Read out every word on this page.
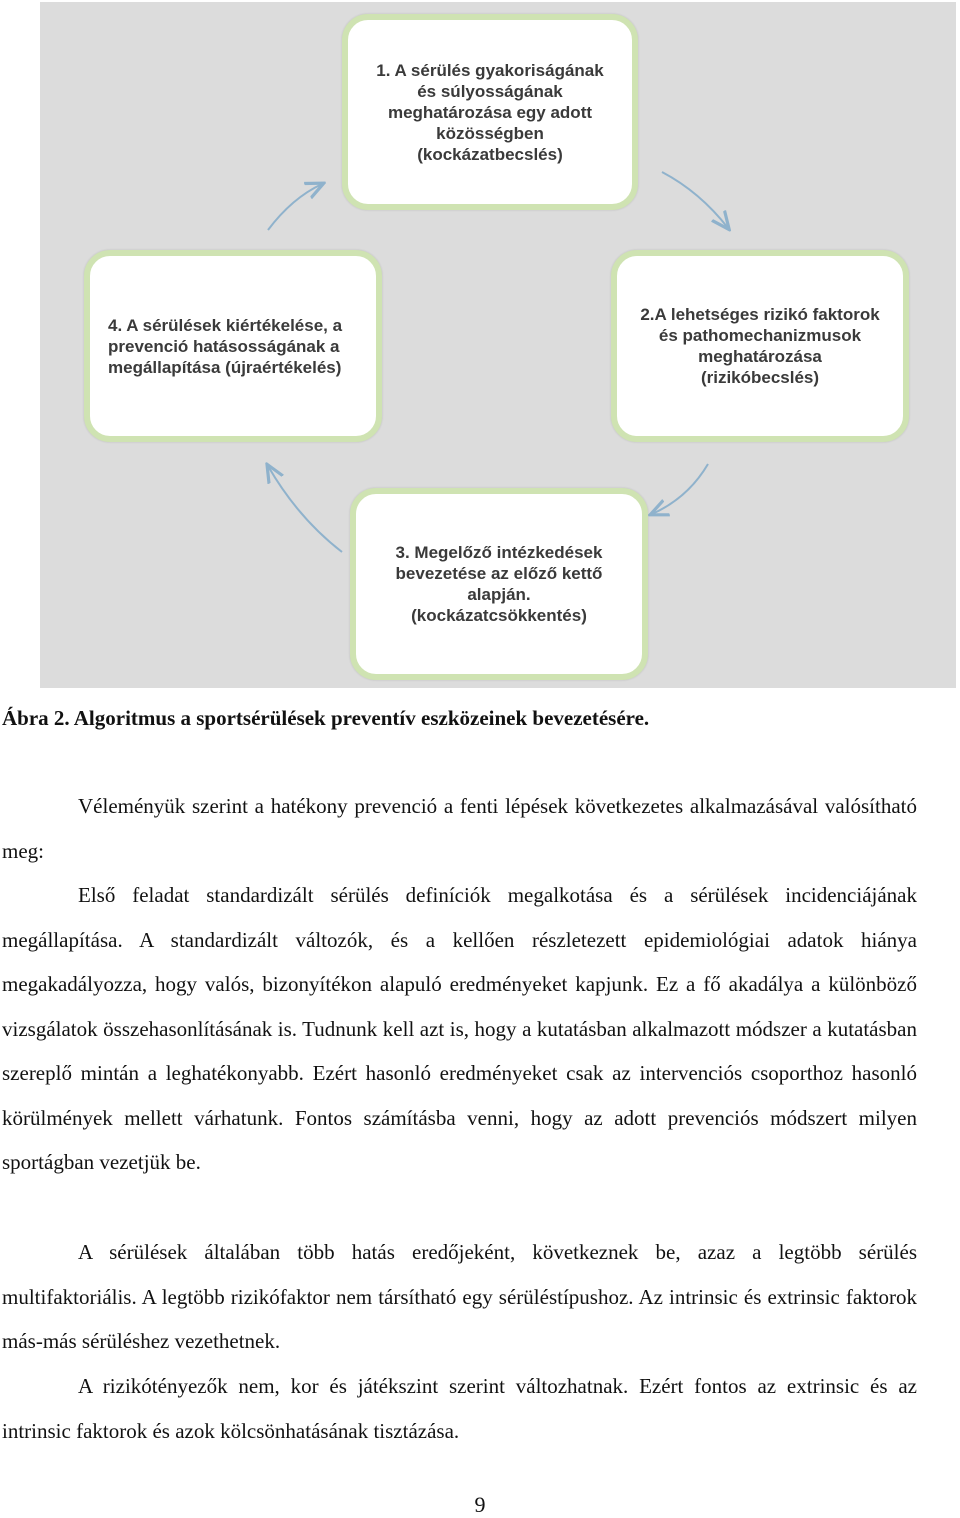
1. A sérülés gyakoriságának
és súlyosságának
meghatározása egy adott
közösségben
(kockázatbecslés)
2.A lehetséges rizikó faktorok
és pathomechanizmusok
meghatározása
(rizikóbecslés)
3. Megelőző intézkedések
bevezetése az előző kettő
alapján.
(kockázatcsökkentés)
4. A sérülések kiértékelése, a
prevenció hatásosságának a
megállapítása (újraértékelés)
Ábra 2. Algoritmus a sportsérülések preventív eszközeinek bevezetésére.

Véleményük szerint a hatékony prevenció a fenti lépések következetes alkalmazásával valósítható meg:

Első feladat standardizált sérülés definíciók megalkotása és a sérülések incidenciájának megállapítása. A standardizált változók, és a kellően részletezett epidemiológiai adatok hiánya megakadályozza, hogy valós, bizonyítékon alapuló eredményeket kapjunk. Ez a fő akadálya a különböző vizsgálatok összehasonlításának is. Tudnunk kell azt is, hogy a kutatásban alkalmazott módszer a kutatásban szereplő mintán a leghatékonyabb. Ezért hasonló eredményeket csak az intervenciós csoporthoz hasonló körülmények mellett várhatunk. Fontos számításba venni, hogy az adott prevenciós módszert milyen sportágban vezetjük be.

A sérülések általában több hatás eredőjeként, következnek be, azaz a legtöbb sérülés multifaktoriális. A legtöbb rizikófaktor nem társítható egy sérüléstípushoz. Az intrinsic és extrinsic faktorok más-más sérüléshez vezethetnek.

A rizikótényezők nem, kor és játékszint szerint változhatnak. Ezért fontos az extrinsic és az intrinsic faktorok és azok kölcsönhatásának tisztázása.

9
